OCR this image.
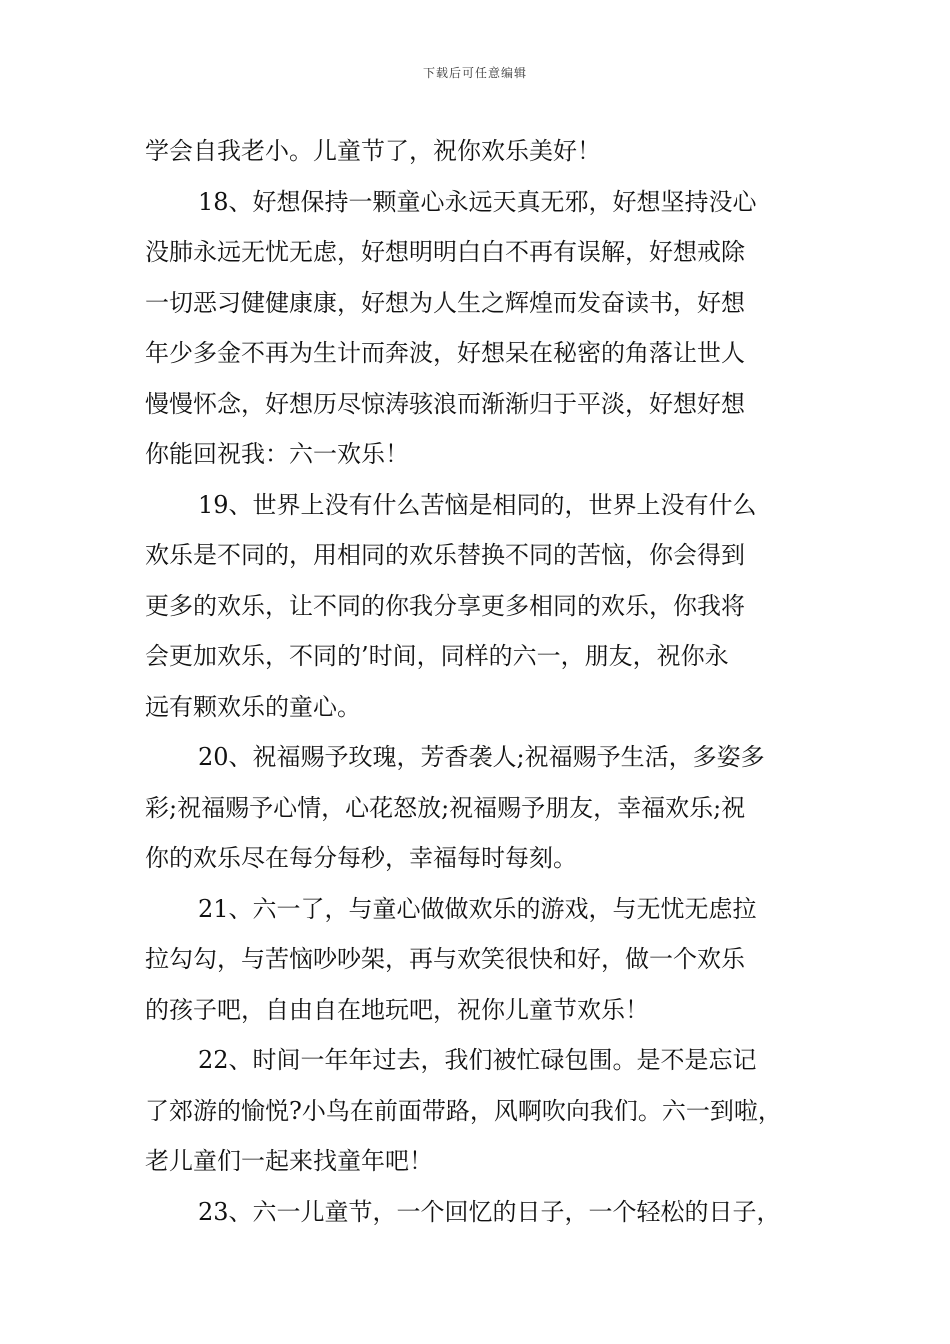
下载后可任意编辑
学会自我老小。儿童节了，祝你欢乐美好！
18、好想保持一颗童心永远天真无邪，好想坚持没心
没肺永远无忧无虑，好想明明白白不再有误解，好想戒除
一切恶习健健康康，好想为人生之辉煌而发奋读书，好想
年少多金不再为生计而奔波，好想呆在秘密的角落让世人
慢慢怀念，好想历尽惊涛骇浪而渐渐归于平淡，好想好想
你能回祝我：六一欢乐！
19、世界上没有什么苦恼是相同的，世界上没有什么
欢乐是不同的，用相同的欢乐替换不同的苦恼，你会得到
更多的欢乐，让不同的你我分享更多相同的欢乐，你我将
会更加欢乐，不同的’时间，同样的六一，朋友，祝你永
远有颗欢乐的童心。
20、祝福赐予玫瑰，芳香袭人;祝福赐予生活，多姿多
彩;祝福赐予心情，心花怒放;祝福赐予朋友，幸福欢乐;祝
你的欢乐尽在每分每秒，幸福每时每刻。
21、六一了，与童心做做欢乐的游戏，与无忧无虑拉
拉勾勾，与苦恼吵吵架，再与欢笑很快和好，做一个欢乐
的孩子吧，自由自在地玩吧，祝你儿童节欢乐！
22、时间一年年过去，我们被忙碌包围。是不是忘记
了郊游的愉悦?小鸟在前面带路，风啊吹向我们。六一到啦，
老儿童们一起来找童年吧！
23、六一儿童节，一个回忆的日子，一个轻松的日子，
